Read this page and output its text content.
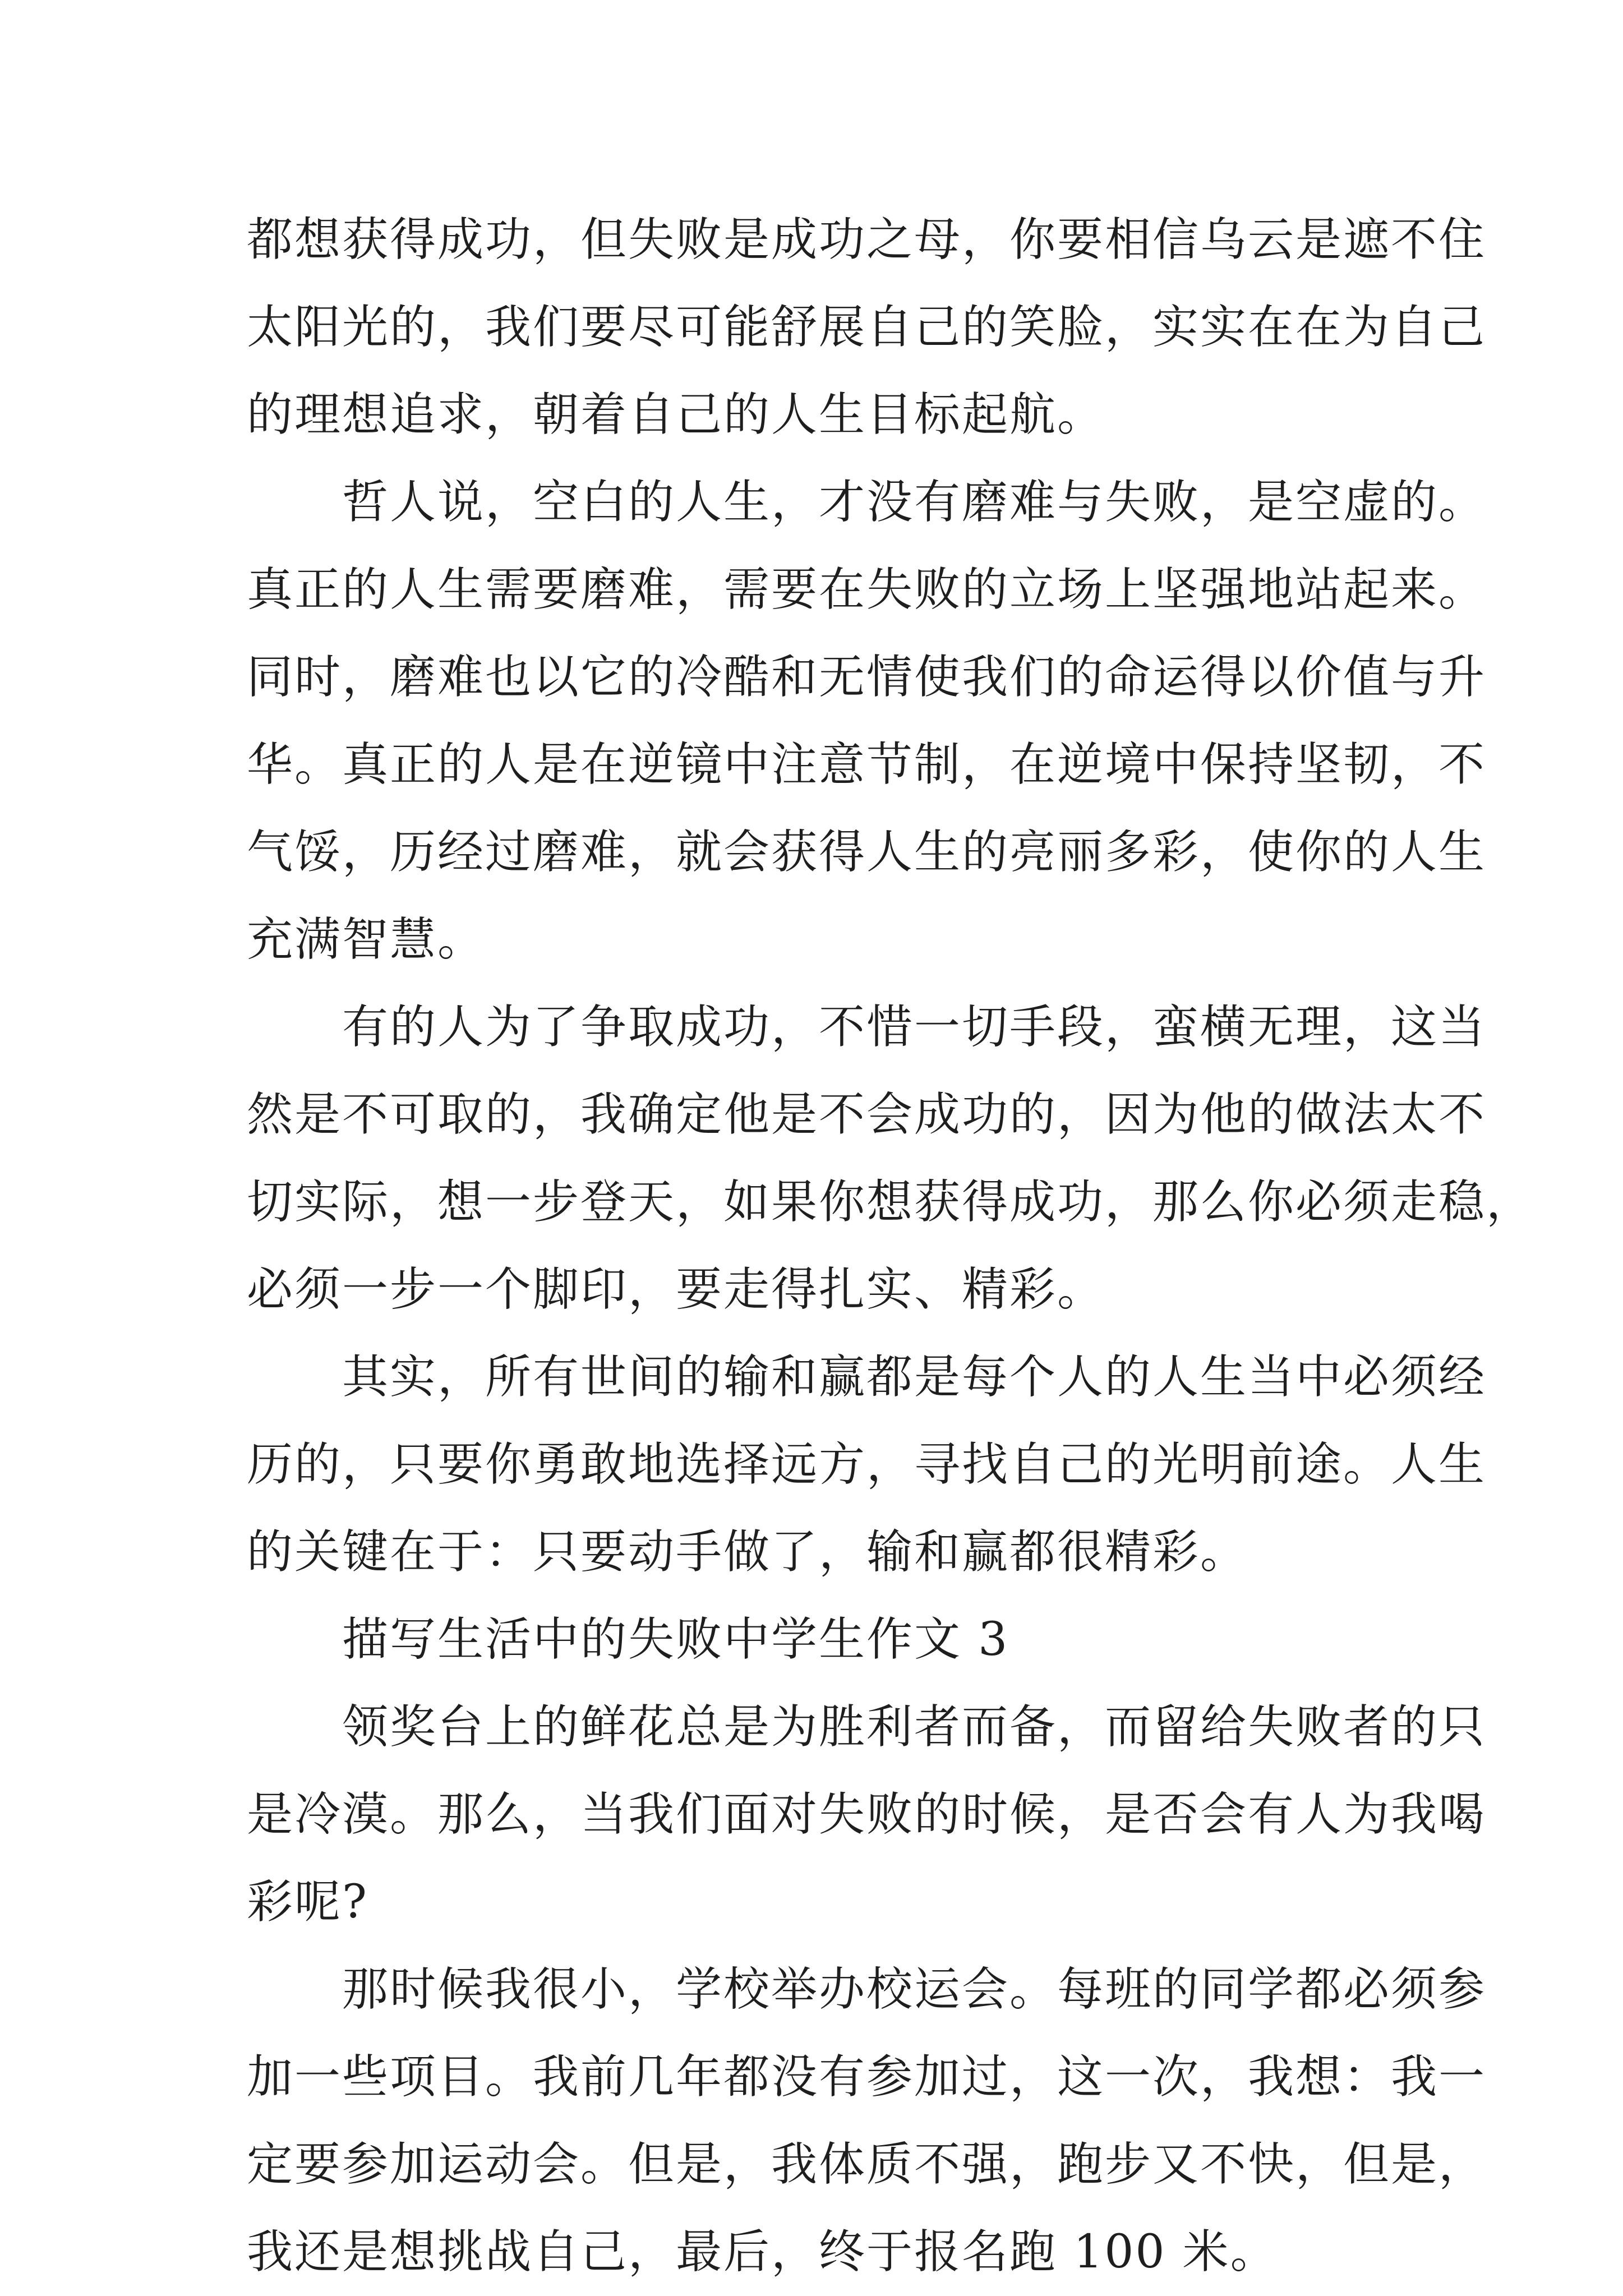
都想获得成功，但失败是成功之母，你要相信乌云是遮不住
太阳光的，我们要尽可能舒展自己的笑脸，实实在在为自己
的理想追求，朝着自己的人生目标起航。
哲人说，空白的人生，才没有磨难与失败，是空虚的。
真正的人生需要磨难，需要在失败的立场上坚强地站起来。
同时，磨难也以它的冷酷和无情使我们的命运得以价值与升
华。真正的人是在逆镜中注意节制，在逆境中保持坚韧，不
气馁，历经过磨难，就会获得人生的亮丽多彩，使你的人生
充满智慧。
有的人为了争取成功，不惜一切手段，蛮横无理，这当
然是不可取的，我确定他是不会成功的，因为他的做法太不
切实际，想一步登天，如果你想获得成功，那么你必须走稳，
必须一步一个脚印，要走得扎实、精彩。
其实，所有世间的输和赢都是每个人的人生当中必须经
历的，只要你勇敢地选择远方，寻找自己的光明前途。人生
的关键在于：只要动手做了，输和赢都很精彩。
描写生活中的失败中学生作文 3
领奖台上的鲜花总是为胜利者而备，而留给失败者的只
是冷漠。那么，当我们面对失败的时候，是否会有人为我喝
彩呢?
那时候我很小，学校举办校运会。每班的同学都必须参
加一些项目。我前几年都没有参加过，这一次，我想：我一
定要参加运动会。但是，我体质不强，跑步又不快，但是，
我还是想挑战自己，最后，终于报名跑 100 米。
